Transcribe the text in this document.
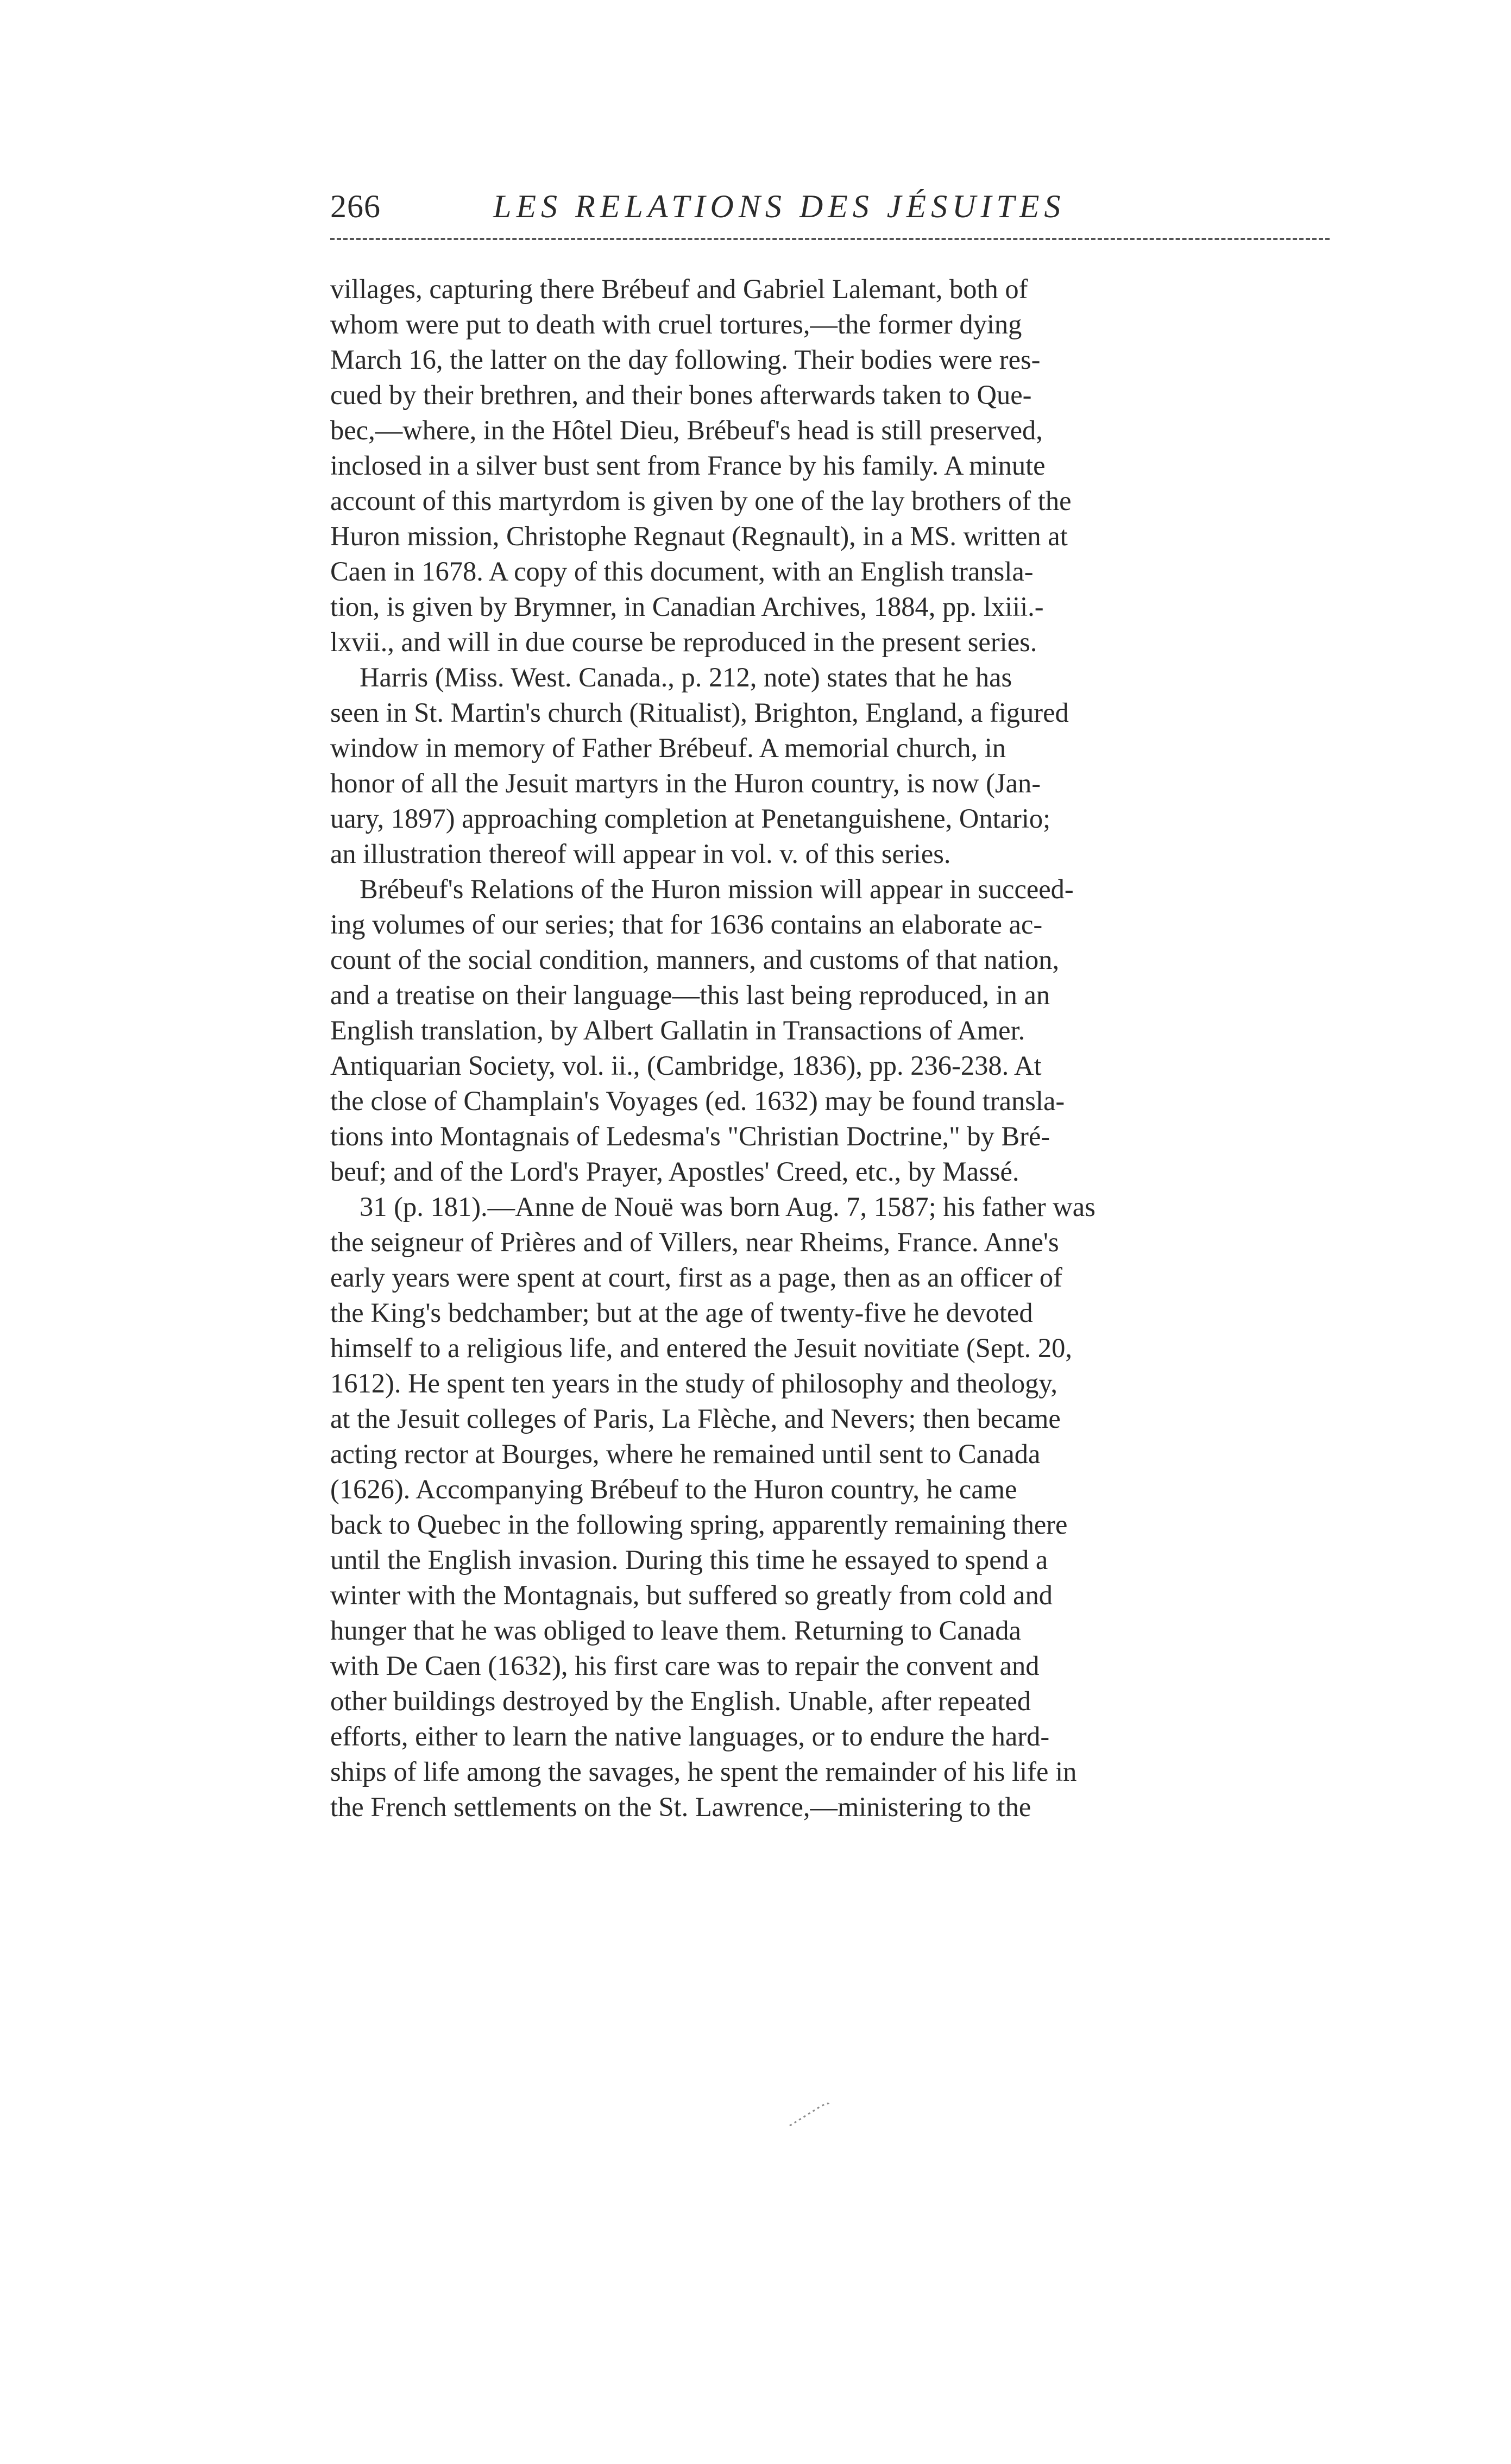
266	LES RELATIONS DES JÉSUITES
villages, capturing there Brébeuf and Gabriel Lalemant, both of
whom were put to death with cruel tortures,—the former dying
March 16, the latter on the day following. Their bodies were res-
cued by their brethren, and their bones afterwards taken to Que-
bec,—where, in the Hôtel Dieu, Brébeuf's head is still preserved,
inclosed in a silver bust sent from France by his family. A minute
account of this martyrdom is given by one of the lay brothers of the
Huron mission, Christophe Regnaut (Regnault), in a MS. written at
Caen in 1678. A copy of this document, with an English transla-
tion, is given by Brymner, in Canadian Archives, 1884, pp. lxiii.-
lxvii., and will in due course be reproduced in the present series.
Harris (Miss. West. Canada., p. 212, note) states that he has
seen in St. Martin's church (Ritualist), Brighton, England, a figured
window in memory of Father Brébeuf. A memorial church, in
honor of all the Jesuit martyrs in the Huron country, is now (Jan-
uary, 1897) approaching completion at Penetanguishene, Ontario;
an illustration thereof will appear in vol. v. of this series.
Brébeuf's Relations of the Huron mission will appear in succeed-
ing volumes of our series; that for 1636 contains an elaborate ac-
count of the social condition, manners, and customs of that nation,
and a treatise on their language—this last being reproduced, in an
English translation, by Albert Gallatin in Transactions of Amer.
Antiquarian Society, vol. ii., (Cambridge, 1836), pp. 236-238. At
the close of Champlain's Voyages (ed. 1632) may be found transla-
tions into Montagnais of Ledesma's "Christian Doctrine," by Bré-
beuf; and of the Lord's Prayer, Apostles' Creed, etc., by Massé.
31 (p. 181).—Anne de Nouë was born Aug. 7, 1587; his father was
the seigneur of Prières and of Villers, near Rheims, France. Anne's
early years were spent at court, first as a page, then as an officer of
the King's bedchamber; but at the age of twenty-five he devoted
himself to a religious life, and entered the Jesuit novitiate (Sept. 20,
1612). He spent ten years in the study of philosophy and theology,
at the Jesuit colleges of Paris, La Flèche, and Nevers; then became
acting rector at Bourges, where he remained until sent to Canada
(1626). Accompanying Brébeuf to the Huron country, he came
back to Quebec in the following spring, apparently remaining there
until the English invasion. During this time he essayed to spend a
winter with the Montagnais, but suffered so greatly from cold and
hunger that he was obliged to leave them. Returning to Canada
with De Caen (1632), his first care was to repair the convent and
other buildings destroyed by the English. Unable, after repeated
efforts, either to learn the native languages, or to endure the hard-
ships of life among the savages, he spent the remainder of his life in
the French settlements on the St. Lawrence,—ministering to the
